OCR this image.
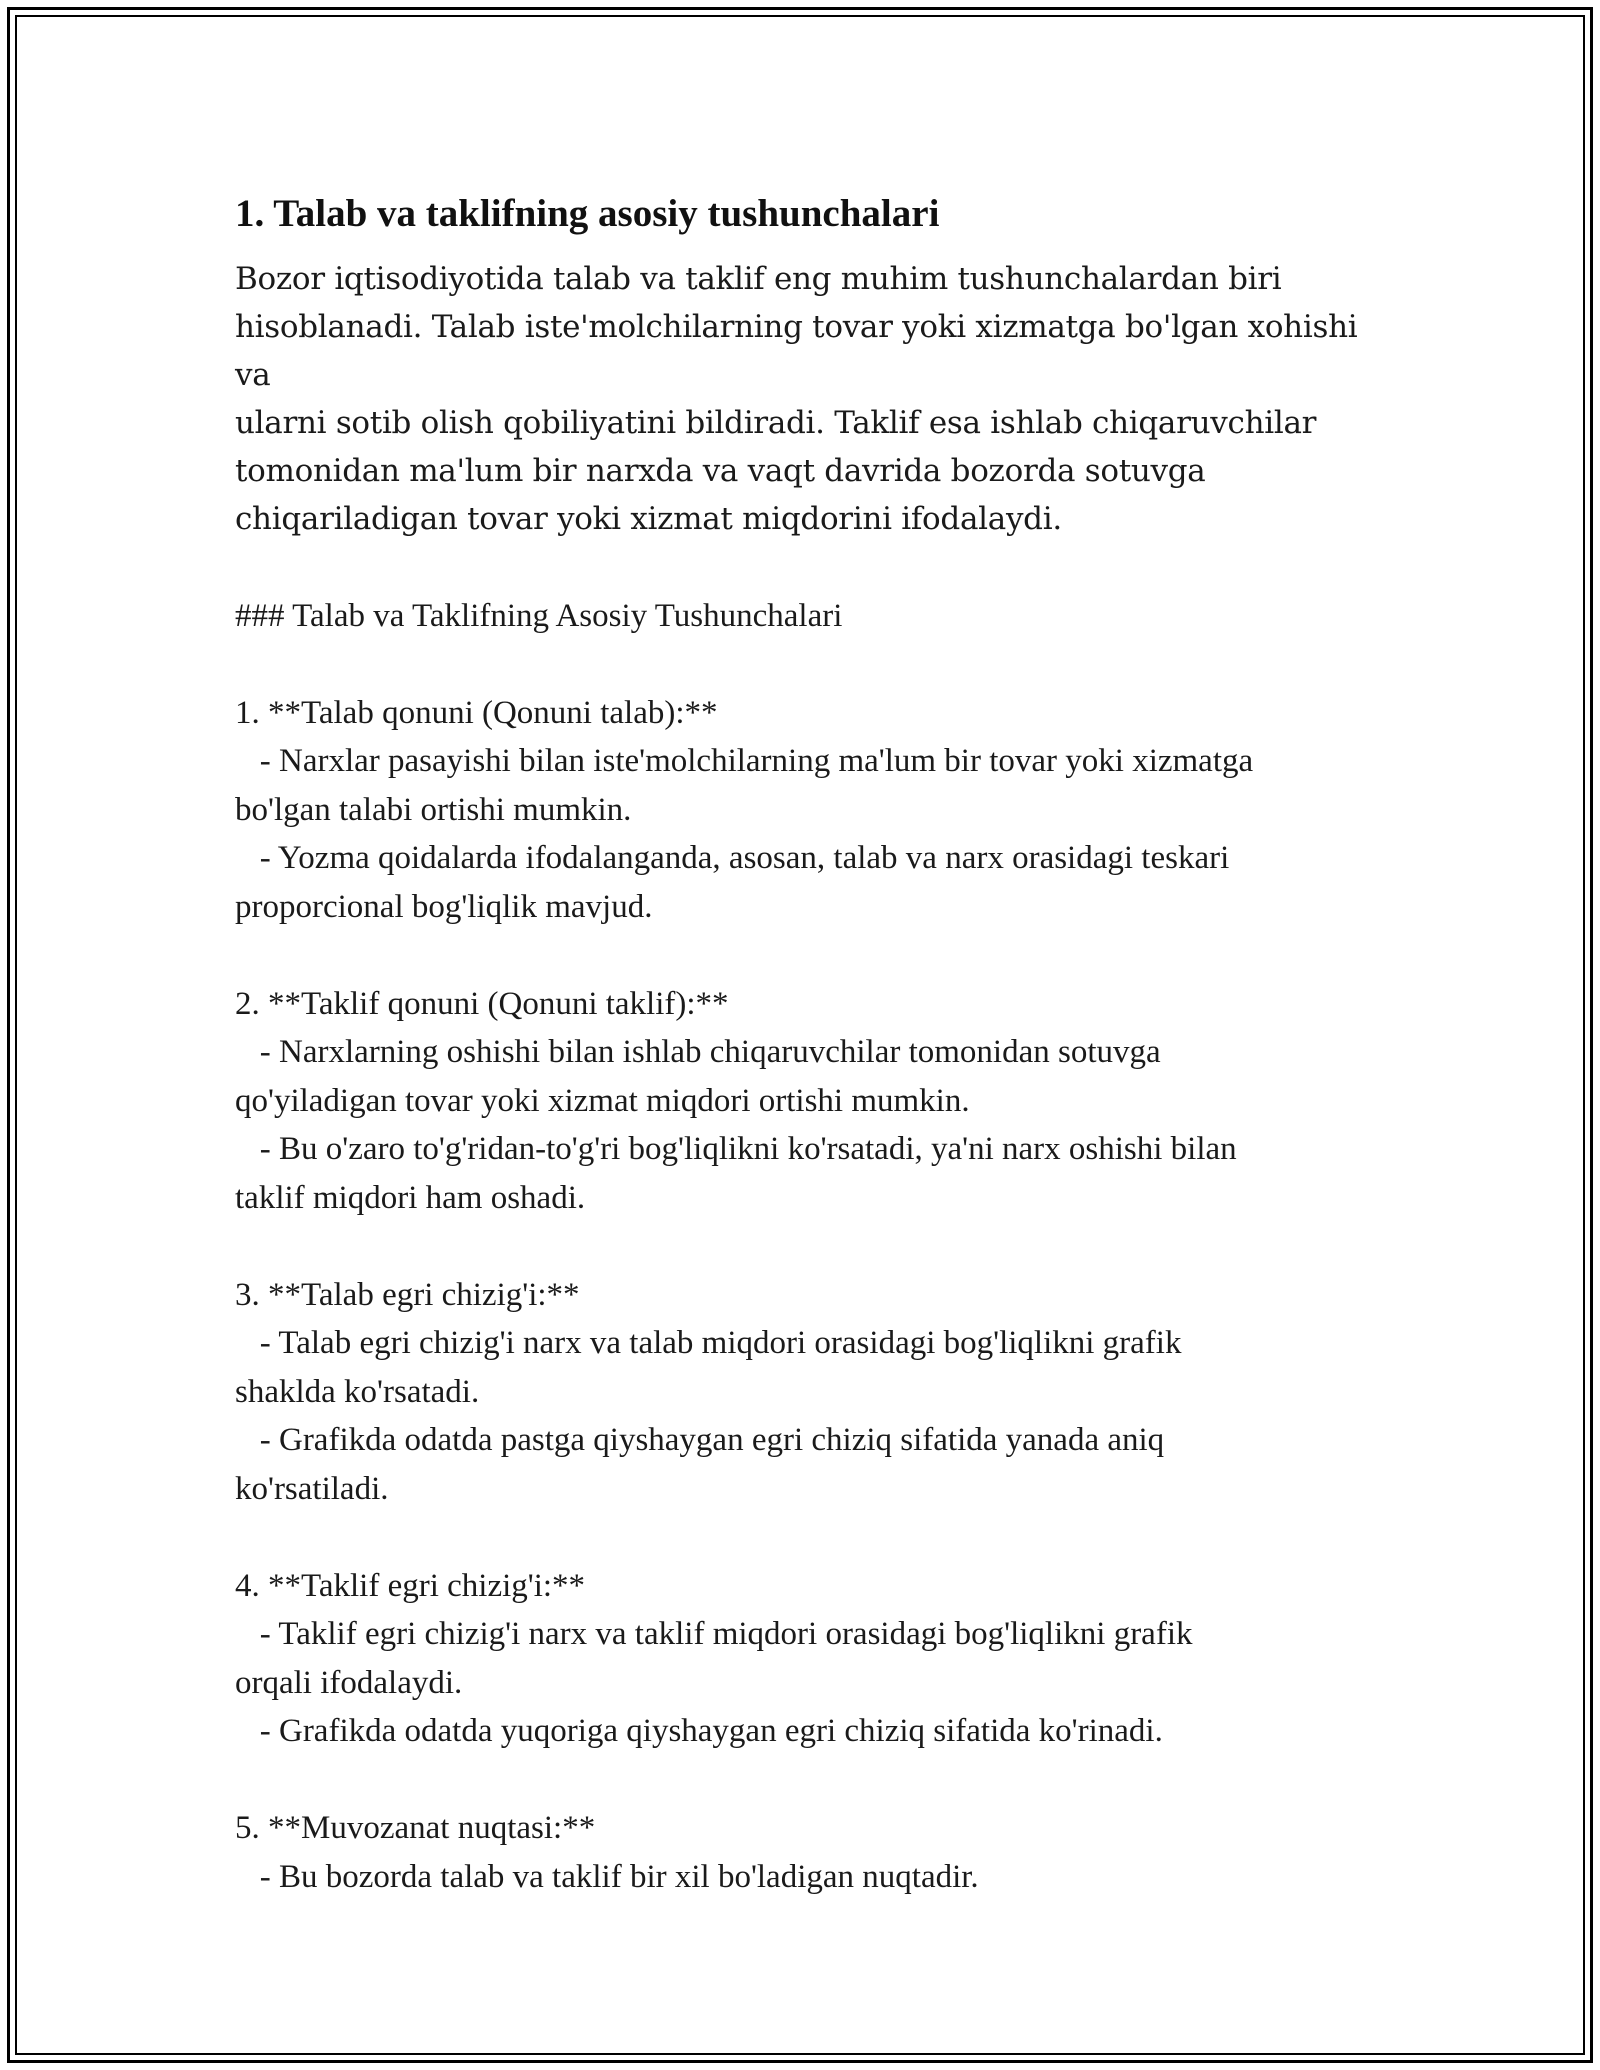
1. Talab va taklifning asosiy tushunchalari
Bozor iqtisodiyotida talab va taklif eng muhim tushunchalardan biri
hisoblanadi. Talab iste'molchilarning tovar yoki xizmatga bo'lgan xohishi va
ularni sotib olish qobiliyatini bildiradi. Taklif esa ishlab chiqaruvchilar
tomonidan ma'lum bir narxda va vaqt davrida bozorda sotuvga
chiqariladigan tovar yoki xizmat miqdorini ifodalaydi.
### Talab va Taklifning Asosiy Tushunchalari
1. **Talab qonuni (Qonuni talab):**
- Narxlar pasayishi bilan iste'molchilarning ma'lum bir tovar yoki xizmatga
bo'lgan talabi ortishi mumkin.
- Yozma qoidalarda ifodalanganda, asosan, talab va narx orasidagi teskari
proporcional bog'liqlik mavjud.
2. **Taklif qonuni (Qonuni taklif):**
- Narxlarning oshishi bilan ishlab chiqaruvchilar tomonidan sotuvga
qo'yiladigan tovar yoki xizmat miqdori ortishi mumkin.
- Bu o'zaro to'g'ridan-to'g'ri bog'liqlikni ko'rsatadi, ya'ni narx oshishi bilan
taklif miqdori ham oshadi.
3. **Talab egri chizig'i:**
- Talab egri chizig'i narx va talab miqdori orasidagi bog'liqlikni grafik
shaklda ko'rsatadi.
- Grafikda odatda pastga qiyshaygan egri chiziq sifatida yanada aniq
ko'rsatiladi.
4. **Taklif egri chizig'i:**
- Taklif egri chizig'i narx va taklif miqdori orasidagi bog'liqlikni grafik
orqali ifodalaydi.
- Grafikda odatda yuqoriga qiyshaygan egri chiziq sifatida ko'rinadi.
5. **Muvozanat nuqtasi:**
- Bu bozorda talab va taklif bir xil bo'ladigan nuqtadir.
